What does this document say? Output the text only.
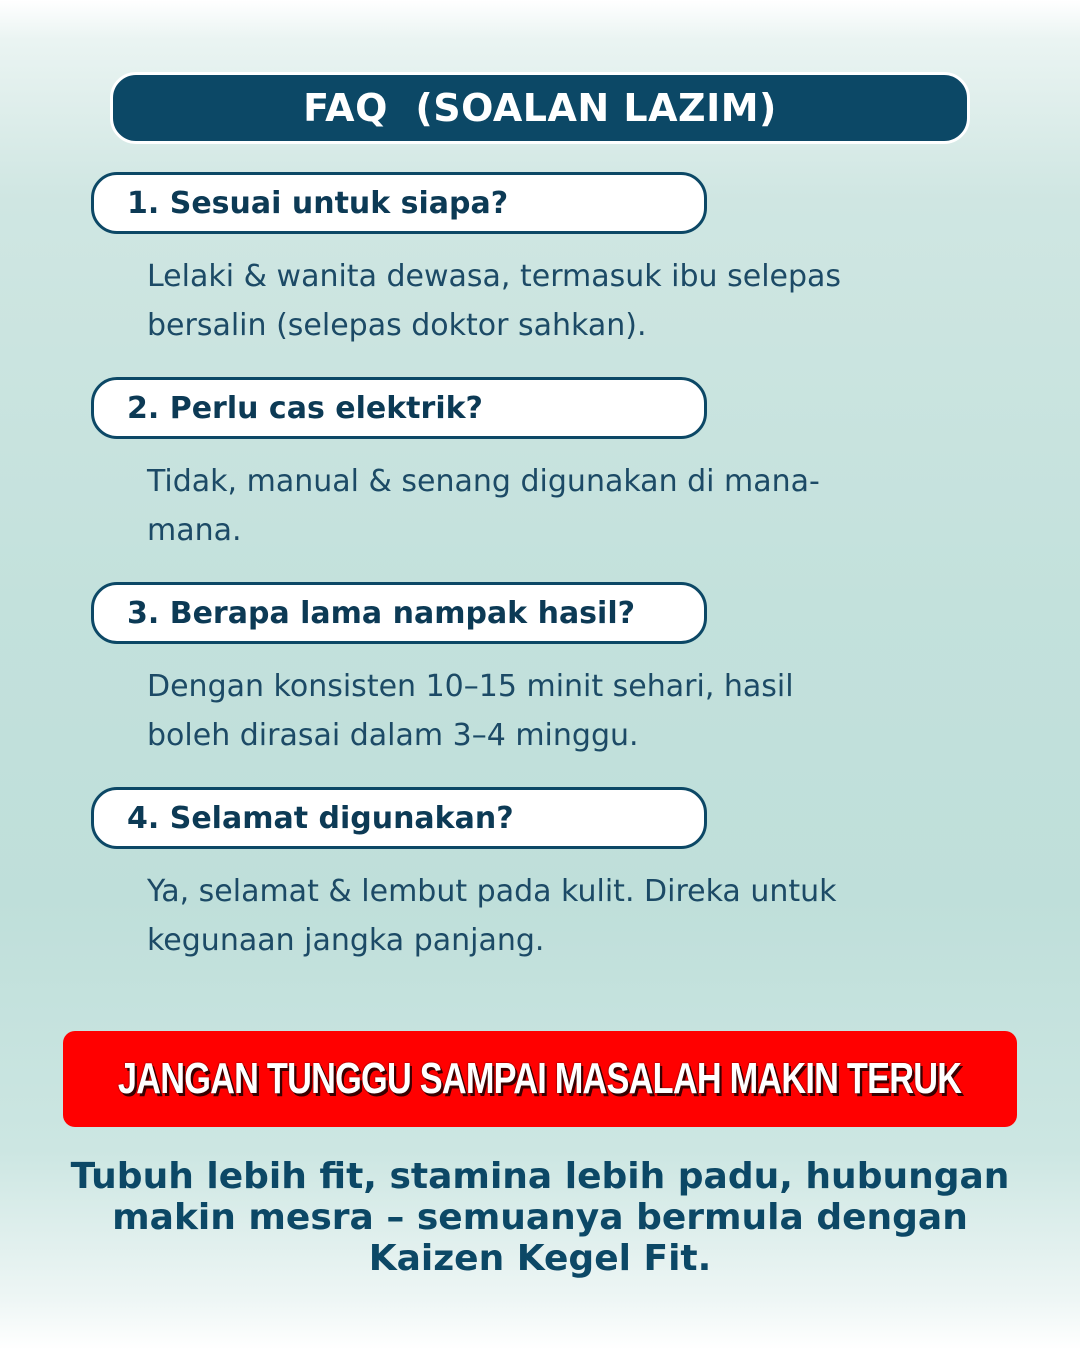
FAQ  (SOALAN LAZIM)
1. Sesuai untuk siapa?

Lelaki & wanita dewasa, termasuk ibu selepas bersalin (selepas doktor sahkan).

2. Perlu cas elektrik?

Tidak, manual & senang digunakan di mana-mana.

3. Berapa lama nampak hasil?

Dengan konsisten 10–15 minit sehari, hasil boleh dirasai dalam 3–4 minggu.

4. Selamat digunakan?

Ya, selamat & lembut pada kulit. Direka untuk kegunaan jangka panjang.

JANGAN TUNGGU SAMPAI MASALAH MAKIN TERUK

Tubuh lebih fit, stamina lebih padu, hubungan makin mesra – semuanya bermula dengan Kaizen Kegel Fit.
